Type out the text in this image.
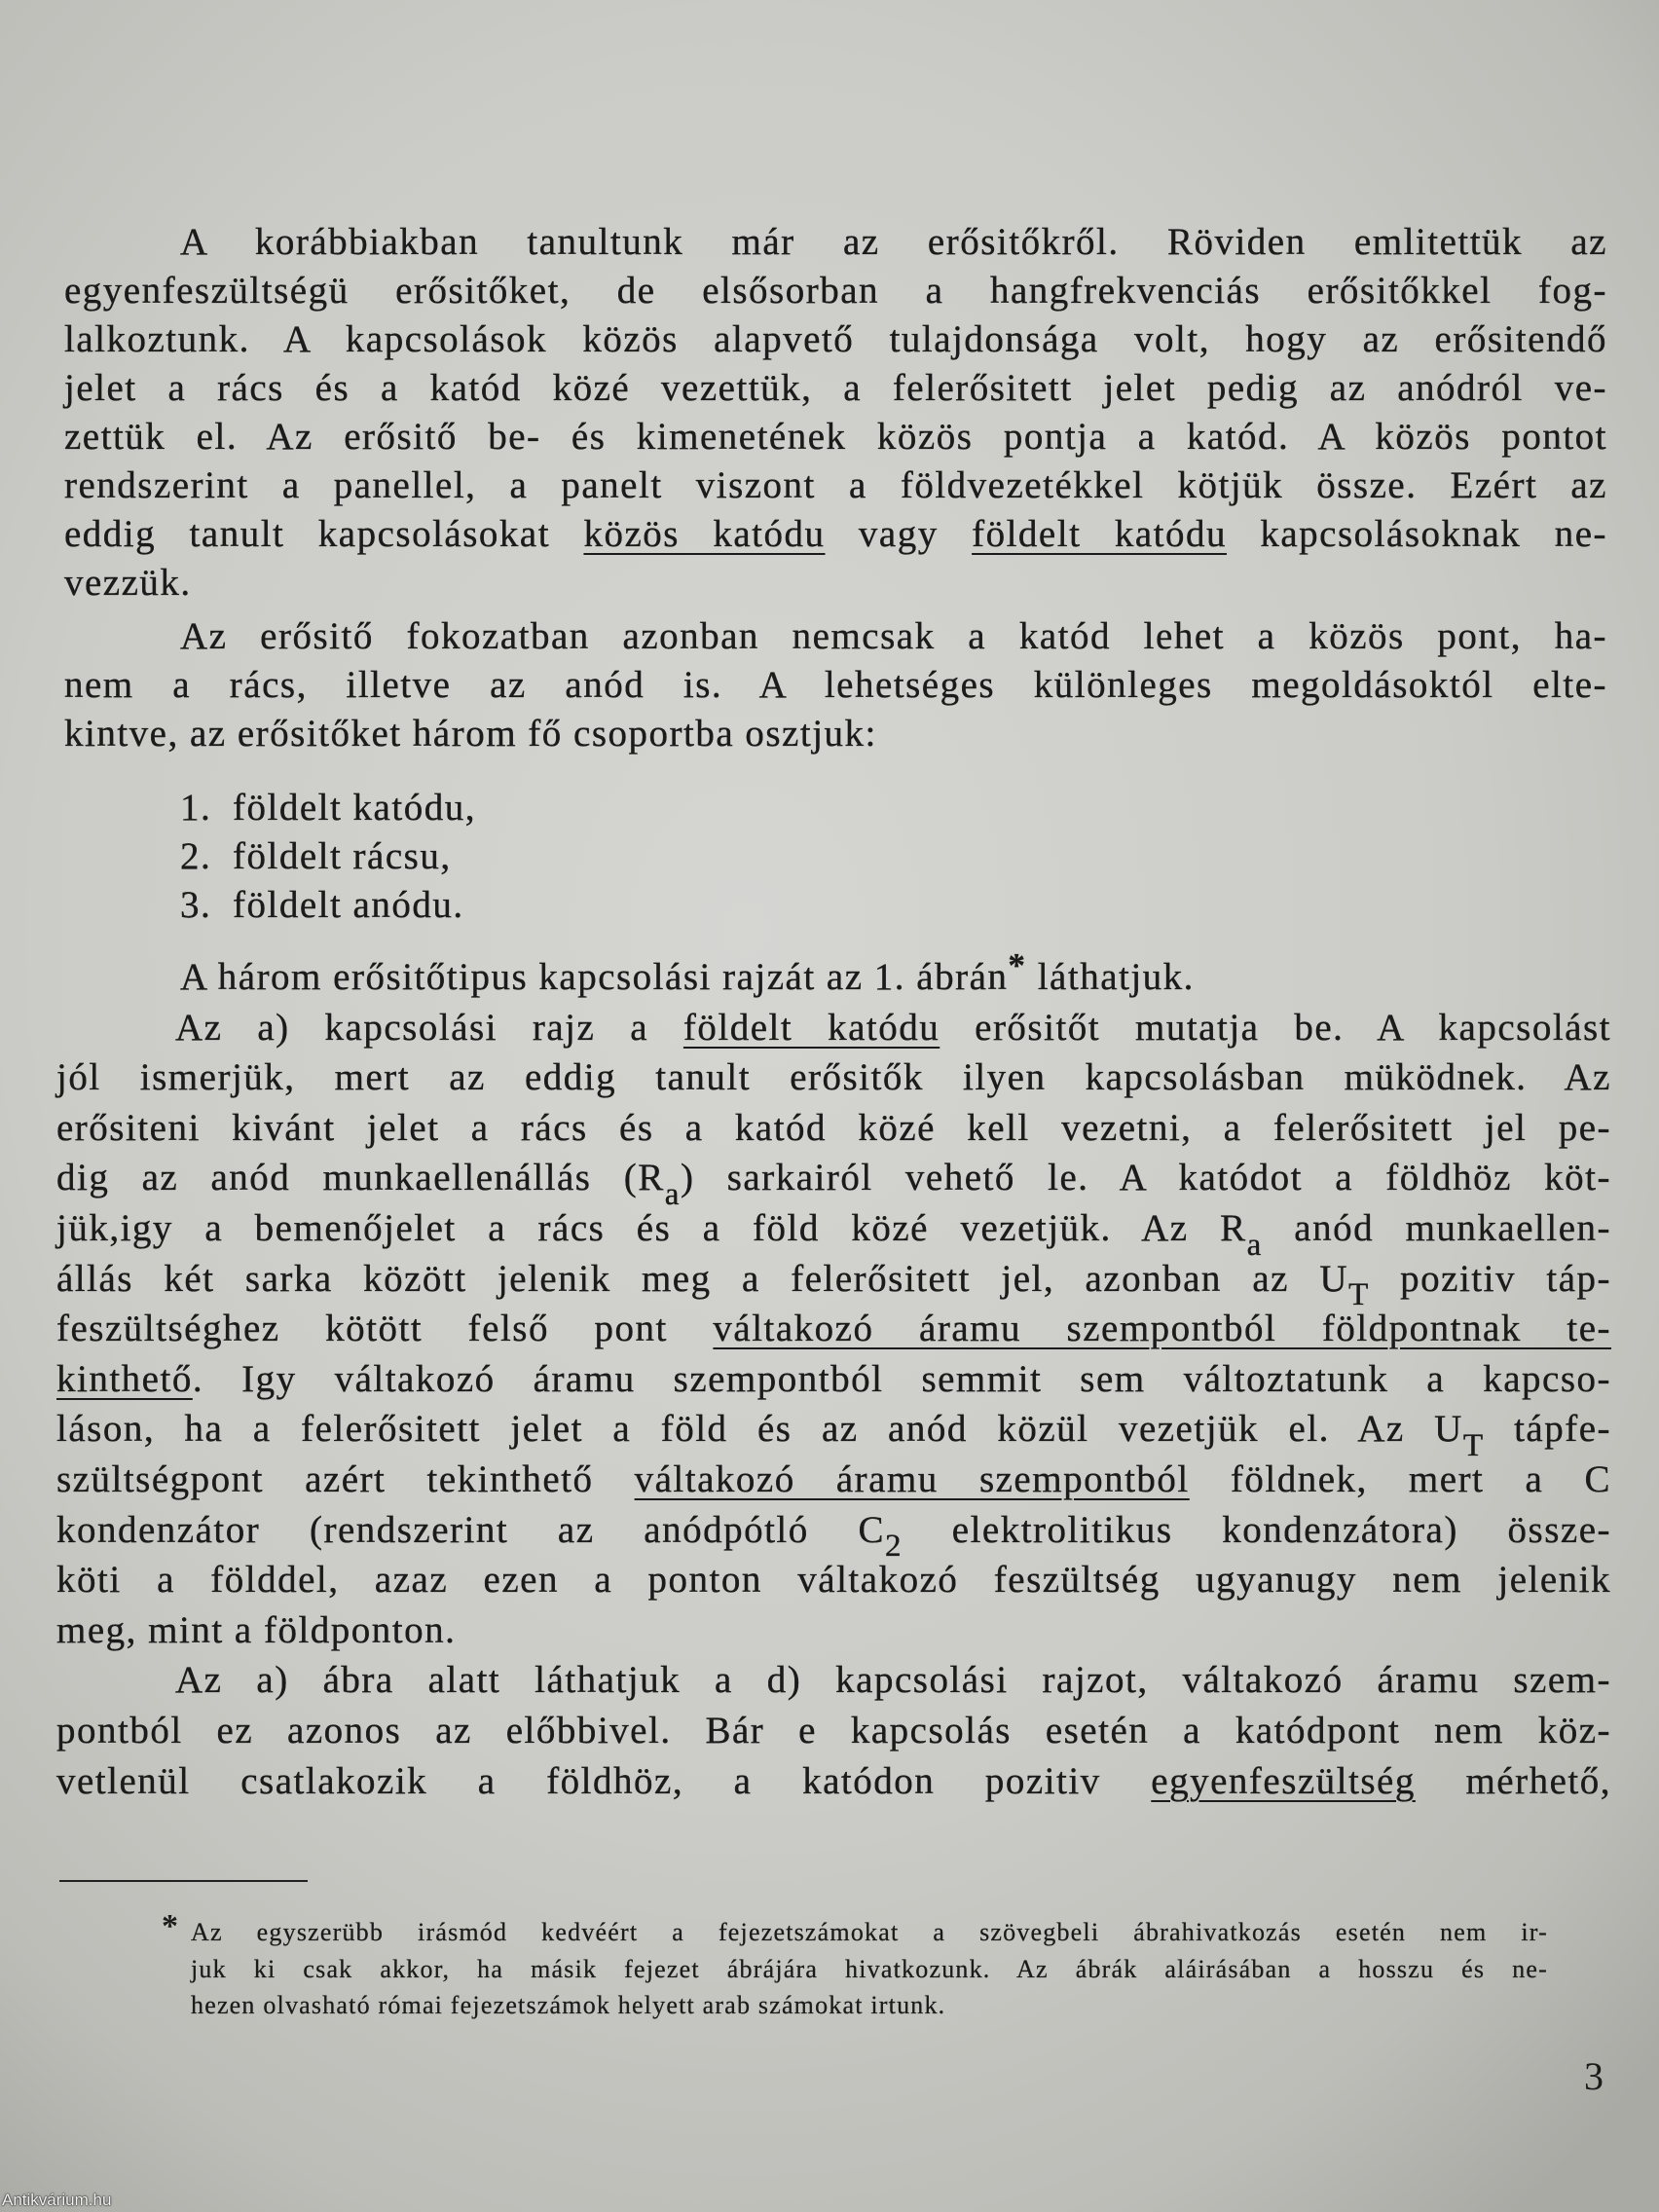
A korábbiakban tanultunk már az erősitőkről. Röviden emlitettük az
egyenfeszültségü erősitőket, de elsősorban a hangfrekvenciás erősitőkkel fog-
lalkoztunk. A kapcsolások közös alapvető tulajdonsága volt, hogy az erősitendő
jelet a rács és a katód közé vezettük, a felerősitett jelet pedig az anódról ve-
zettük el. Az erősitő be- és kimenetének közös pontja a katód. A közös pontot
rendszerint a panellel, a panelt viszont a földvezetékkel kötjük össze. Ezért az
eddig tanult kapcsolásokat közös katódu vagy földelt katódu kapcsolásoknak ne-
vezzük.
Az erősitő fokozatban azonban nemcsak a katód lehet a közös pont, ha-
nem a rács, illetve az anód is. A lehetséges különleges megoldásoktól elte-
kintve, az erősitőket három fő csoportba osztjuk:
1. földelt katódu,
2. földelt rácsu,
3. földelt anódu.
A három erősitőtipus kapcsolási rajzát az 1. ábrán* láthatjuk.
Az a) kapcsolási rajz a földelt katódu erősitőt mutatja be. A kapcsolást
jól ismerjük, mert az eddig tanult erősitők ilyen kapcsolásban müködnek. Az
erősiteni kivánt jelet a rács és a katód közé kell vezetni, a felerősitett jel pe-
dig az anód munkaellenállás $(R_a)$ sarkairól vehető le. A katódot a földhöz köt-
jük,igy a bemenőjelet a rács és a föld közé vezetjük. Az $R_a$ anód munkaellen-
állás két sarka között jelenik meg a felerősitett jel, azonban az $U_T$ pozitiv táp-
feszültséghez kötött felső pont váltakozó áramu szempontból földpontnak te-
kinthető. Igy váltakozó áramu szempontból semmit sem változtatunk a kapcso-
láson, ha a felerősitett jelet a föld és az anód közül vezetjük el. Az $U_T$ tápfe-
szültségpont azért tekinthető váltakozó áramu szempontból földnek, mert a C
kondenzátor (rendszerint az anódpótló $C_2$ elektrolitikus kondenzátora) össze-
köti a földdel, azaz ezen a ponton váltakozó feszültség ugyanugy nem jelenik
meg, mint a földponton.
Az a) ábra alatt láthatjuk a d) kapcsolási rajzot, váltakozó áramu szem-
pontból ez azonos az előbbivel. Bár e kapcsolás esetén a katódpont nem köz-
vetlenül csatlakozik a földhöz, a katódon pozitiv egyenfeszültség mérhető,
* Az egyszerübb irásmód kedvéért a fejezetszámokat a szövegbeli ábrahivatkozás esetén nem ir-
juk ki csak akkor, ha másik fejezet ábrájára hivatkozunk. Az ábrák aláirásában a hosszu és ne-
hezen olvasható római fejezetszámok helyett arab számokat irtunk.
3
Antikvárium.hu
